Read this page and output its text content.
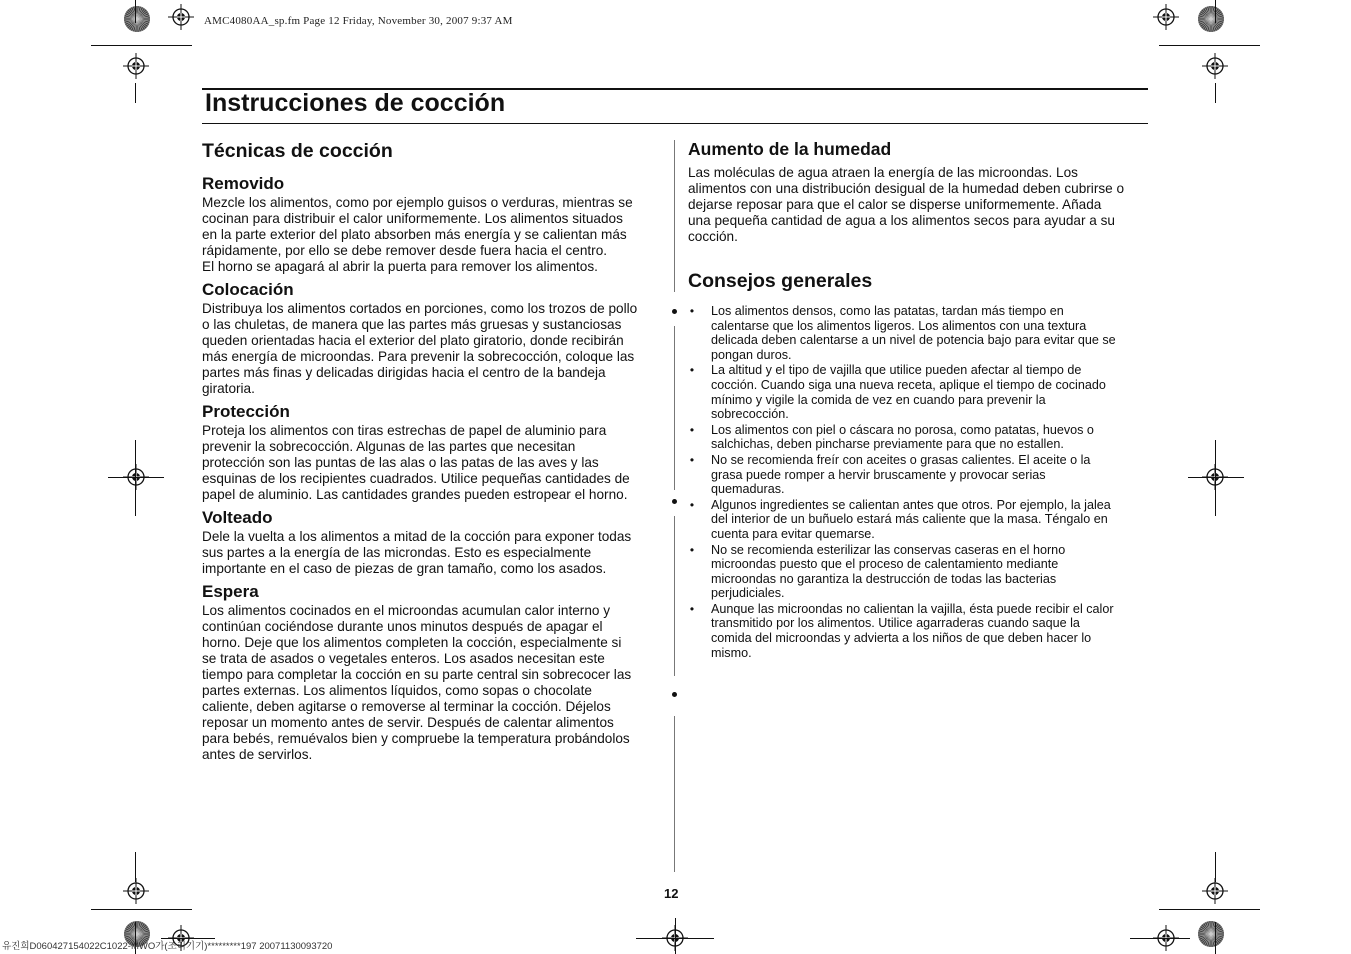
AMC4080AA_sp.fm Page 12 Friday, November 30, 2007 9:37 AM
Instrucciones de cocción
Técnicas de cocción
Removido

Mezcle los alimentos, como por ejemplo guisos o verduras, mientras se
cocinan para distribuir el calor uniformemente. Los alimentos situados
en la parte exterior del plato absorben más energía y se calientan más
rápidamente, por ello se debe remover desde fuera hacia el centro.
El horno se apagará al abrir la puerta para remover los alimentos.

Colocación

Distribuya los alimentos cortados en porciones, como los trozos de pollo
o las chuletas, de manera que las partes más gruesas y sustanciosas
queden orientadas hacia el exterior del plato giratorio, donde recibirán
más energía de microondas. Para prevenir la sobrecocción, coloque las
partes más finas y delicadas dirigidas hacia el centro de la bandeja
giratoria.

Protección

Proteja los alimentos con tiras estrechas de papel de aluminio para
prevenir la sobrecocción. Algunas de las partes que necesitan
protección son las puntas de las alas o las patas de las aves y las
esquinas de los recipientes cuadrados. Utilice pequeñas cantidades de
papel de aluminio. Las cantidades grandes pueden estropear el horno.

Volteado

Dele la vuelta a los alimentos a mitad de la cocción para exponer todas
sus partes a la energía de las microndas. Esto es especialmente
importante en el caso de piezas de gran tamaño, como los asados.

Espera

Los alimentos cocinados en el microondas acumulan calor interno y
continúan cociéndose durante unos minutos después de apagar el
horno. Deje que los alimentos completen la cocción, especialmente si
se trata de asados o vegetales enteros. Los asados necesitan este
tiempo para completar la cocción en su parte central sin sobrecocer las
partes externas. Los alimentos líquidos, como sopas o chocolate
caliente, deben agitarse o removerse al terminar la cocción. Déjelos
reposar un momento antes de servir. Después de calentar alimentos
para bebés, remuévalos bien y compruebe la temperatura probándolos
antes de servirlos.

Aumento de la humedad

Las moléculas de agua atraen la energía de las microondas. Los
alimentos con una distribución desigual de la humedad deben cubrirse o
dejarse reposar para que el calor se disperse uniformemente. Añada
una pequeña cantidad de agua a los alimentos secos para ayudar a su
cocción.

Consejos generales
• Los alimentos densos, como las patatas, tardan más tiempo en
calentarse que los alimentos ligeros. Los alimentos con una textura
delicada deben calentarse a un nivel de potencia bajo para evitar que se
pongan duros.
• La altitud y el tipo de vajilla que utilice pueden afectar al tiempo de
cocción. Cuando siga una nueva receta, aplique el tiempo de cocinado
mínimo y vigile la comida de vez en cuando para prevenir la
sobrecocción.
• Los alimentos con piel o cáscara no porosa, como patatas, huevos o
salchichas, deben pincharse previamente para que no estallen.
• No se recomienda freír con aceites o grasas calientes. El aceite o la
grasa puede romper a hervir bruscamente y provocar serias
quemaduras.
• Algunos ingredientes se calientan antes que otros. Por ejemplo, la jalea
del interior de un buñuelo estará más caliente que la masa. Téngalo en
cuenta para evitar quemarse.
• No se recomienda esterilizar las conservas caseras en el horno
microondas puesto que el proceso de calentamiento mediante
microondas no garantiza la destrucción de todas las bacterias
perjudiciales.
• Aunque las microondas no calientan la vajilla, ésta puede recibir el calor
transmitido por los alimentos. Utilice agarraderas cuando saque la
comida del microondas y advierta a los niños de que deben hacer lo
mismo.
12
유진희D060427154022C1022-MWO가(조리기기)*********197 20071130093720
